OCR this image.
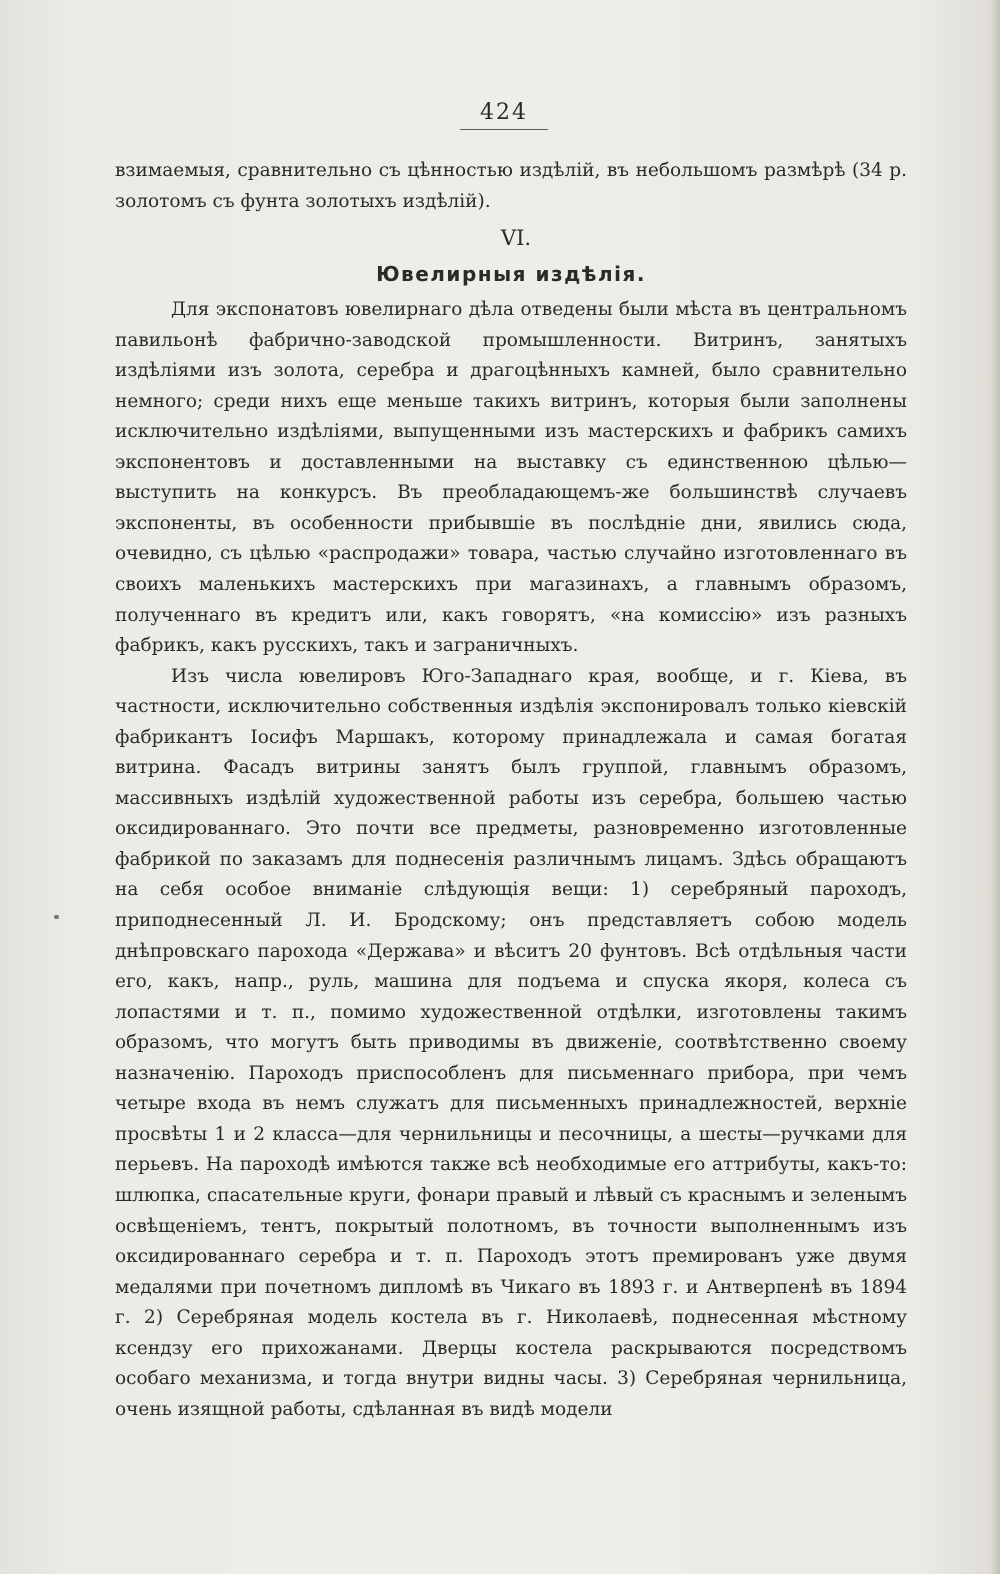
424

взимаемыя, сравнительно съ цѣнностью издѣлій, въ небольшомъ размѣрѣ (34 р. золотомъ съ фунта золотыхъ издѣлій).

VI.
Ювелирныя издѣлія.

Для экспонатовъ ювелирнаго дѣла отведены были мѣста въ центральномъ павильонѣ фабрично-заводской промышленности. Витринъ, занятыхъ издѣліями изъ золота, серебра и драгоцѣнныхъ камней, было сравнительно немного; среди нихъ еще меньше такихъ витринъ, которыя были заполнены исключительно издѣліями, выпущенными изъ мастерскихъ и фабрикъ самихъ экспонентовъ и доставленными на выставку съ единственною цѣлью—выступить на конкурсъ. Въ преобладающемъ-же большинствѣ случаевъ экспоненты, въ особенности прибывшіе въ послѣдніе дни, явились сюда, очевидно, съ цѣлью «распродажи» товара, частью случайно изготовленнаго въ своихъ маленькихъ мастерскихъ при магазинахъ, а главнымъ образомъ, полученнаго въ кредитъ или, какъ говорятъ, «на комиссію» изъ разныхъ фабрикъ, какъ русскихъ, такъ и заграничныхъ.

Изъ числа ювелировъ Юго-Западнаго края, вообще, и г. Кіева, въ частности, исключительно собственныя издѣлія экспонировалъ только кіевскій фабрикантъ Іосифъ Маршакъ, которому принадлежала и самая богатая витрина. Фасадъ витрины занятъ былъ группой, главнымъ образомъ, массивныхъ издѣлій художественной работы изъ серебра, большею частью оксидированнаго. Это почти все предметы, разновременно изготовленные фабрикой по заказамъ для поднесенія различнымъ лицамъ. Здѣсь обращаютъ на себя особое вниманіе слѣдующія вещи: 1) серебряный пароходъ, приподнесенный Л. И. Бродскому; онъ представляетъ собою модель днѣпровскаго парохода «Держава» и вѣситъ 20 фунтовъ. Всѣ отдѣльныя части его, какъ, напр., руль, машина для подъема и спуска якоря, колеса съ лопастями и т. п., помимо художественной отдѣлки, изготовлены такимъ образомъ, что могутъ быть приводимы въ движеніе, соотвѣтственно своему назначенію. Пароходъ приспособленъ для письменнаго прибора, при чемъ четыре входа въ немъ служатъ для письменныхъ принадлежностей, верхніе просвѣты 1 и 2 класса—для чернильницы и песочницы, а шесты—ручками для перьевъ. На пароходѣ имѣются также всѣ необходимые его аттрибуты, какъ-то: шлюпка, спасательные круги, фонари правый и лѣвый съ краснымъ и зеленымъ освѣщеніемъ, тентъ, покрытый полотномъ, въ точности выполненнымъ изъ оксидированнаго серебра и т. п. Пароходъ этотъ премированъ уже двумя медалями при почетномъ дипломѣ въ Чикаго въ 1893 г. и Антверпенѣ въ 1894 г. 2) Серебряная модель костела въ г. Николаевѣ, поднесенная мѣстному ксендзу его прихожанами. Дверцы костела раскрываются посредствомъ особаго механизма, и тогда внутри видны часы. 3) Серебряная чернильница, очень изящной работы, сдѣланная въ видѣ модели
